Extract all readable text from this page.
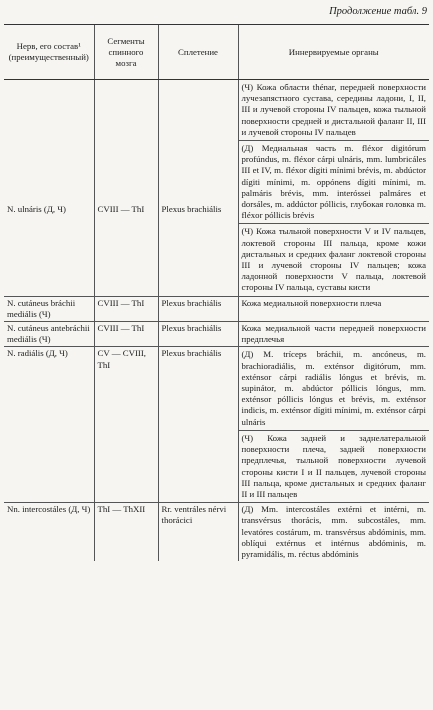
Продолжение табл. 9
Нерв, его состав¹ (преимущественный)	Сегменты спинного мозга	Сплетение	Иннервируемые органы
N. ulnáris (Д, Ч)	CVIII — ThI	Plexus brachiális	(Ч) Кожа области thénar, передней поверхности лучезапястного сустава, середины ладони, I, II, III и лучевой стороны IV пальцев, кожа тыльной поверхности средней и дистальной фаланг II, III и лучевой стороны IV пальцев
(Д) Медиальная часть m. fléxor digitórum profúndus, m. fléxor cárpi ulnáris, mm. lumbricáles III et IV, m. fléxor dígiti mínimi brévis, m. abdúctor dígiti mínimi, m. oppónens dígiti mínimi, m. palmáris brévis, mm. interóssei palmáres et dorsáles, m. addúctor póllicis, глубокая головка m. fléxor póllicis brévis
(Ч) Кожа тыльной поверхности V и IV пальцев, локтевой стороны III пальца, кроме кожи дистальных и средних фаланг локтевой стороны III и лучевой стороны IV пальцев; кожа ладонной поверхности V пальца, локтевой стороны IV пальца, суставы кисти

N. cutáneus bráchii mediális (Ч)	CVIII — ThI	Plexus brachiális	Кожа медиальной поверхности плеча
N. cutáneus antebráchii mediális (Ч)	CVIII — ThI	Plexus brachiális	Кожа медиальной части передней поверхности предплечья
N. radiális (Д, Ч)	CV — CVIII, ThI	Plexus brachiális	(Д) M. tríceps bráchii, m. ancóneus, m. brachioradiális, m. exténsor digitórum, mm. exténsor cárpi radiális lóngus et brévis, m. supinátor, m. abdúctor póllicis lóngus, mm. exténsor póllicis lóngus et brévis, m. exténsor indicis, m. exténsor dígiti mínimi, m. exténsor cárpi ulnáris
(Ч) Кожа задней и заднелатеральной поверхности плеча, задней поверхности предплечья, тыльной поверхности лучевой стороны кисти I и II пальцев, лучевой стороны III пальца, кроме дистальных и средних фаланг II и III пальцев

Nn. intercostáles (Д, Ч)	ThI — ThXII	Rr. ventráles nérvi thorácici	(Д) Mm. intercostáles extérni et intérni, m. transvérsus thorácis, mm. subcostáles, mm. levatóres costárum, m. transvérsus abdóminis, mm. oblíqui extérnus et intérnus abdóminis, m. pyramidális, m. réctus abdóminis
